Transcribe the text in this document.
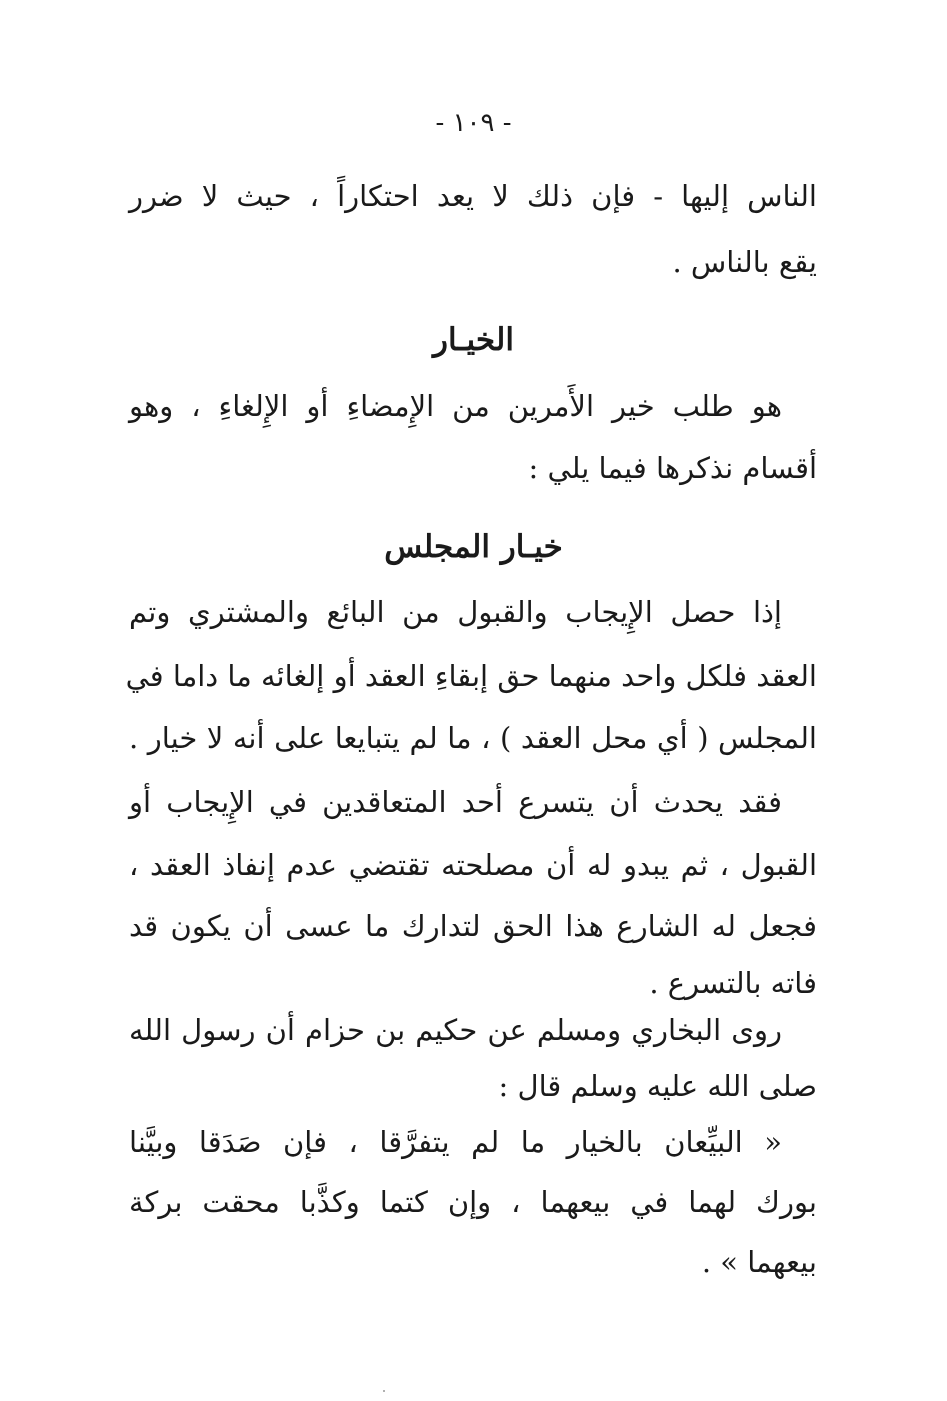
- ١٠٩ -
الناس إليها - فإن ذلك لا يعد احتكاراً ، حيث لا ضرر
يقع بالناس .
الخيـار
هو طلب خير الأَمرين من الإِمضاءِ أو الإِلغاءِ ، وهو
أقسام نذكرها فيما يلي :
خيـار المجلس
إذا حصل الإِيجاب والقبول من البائع والمشتري وتم
العقد فلكل واحد منهما حق إبقاءِ العقد أو إلغائه ما داما في
المجلس ( أي محل العقد ) ، ما لم يتبايعا على أنه لا خيار .
فقد يحدث أن يتسرع أحد المتعاقدين في الإِيجاب أو
القبول ، ثم يبدو له أن مصلحته تقتضي عدم إنفاذ العقد ،
فجعل له الشارع هذا الحق لتدارك ما عسى أن يكون قد
فاته بالتسرع .
روى البخاري ومسلم عن حكيم بن حزام أن رسول الله
صلى الله عليه وسلم قال :
« البيِّعان بالخيار ما لم يتفرَّقا ، فإن صَدَقا وبيَّنا
بورك لهما في بيعهما ، وإن كتما وكذَّبا محقت بركة
بيعهما » .
